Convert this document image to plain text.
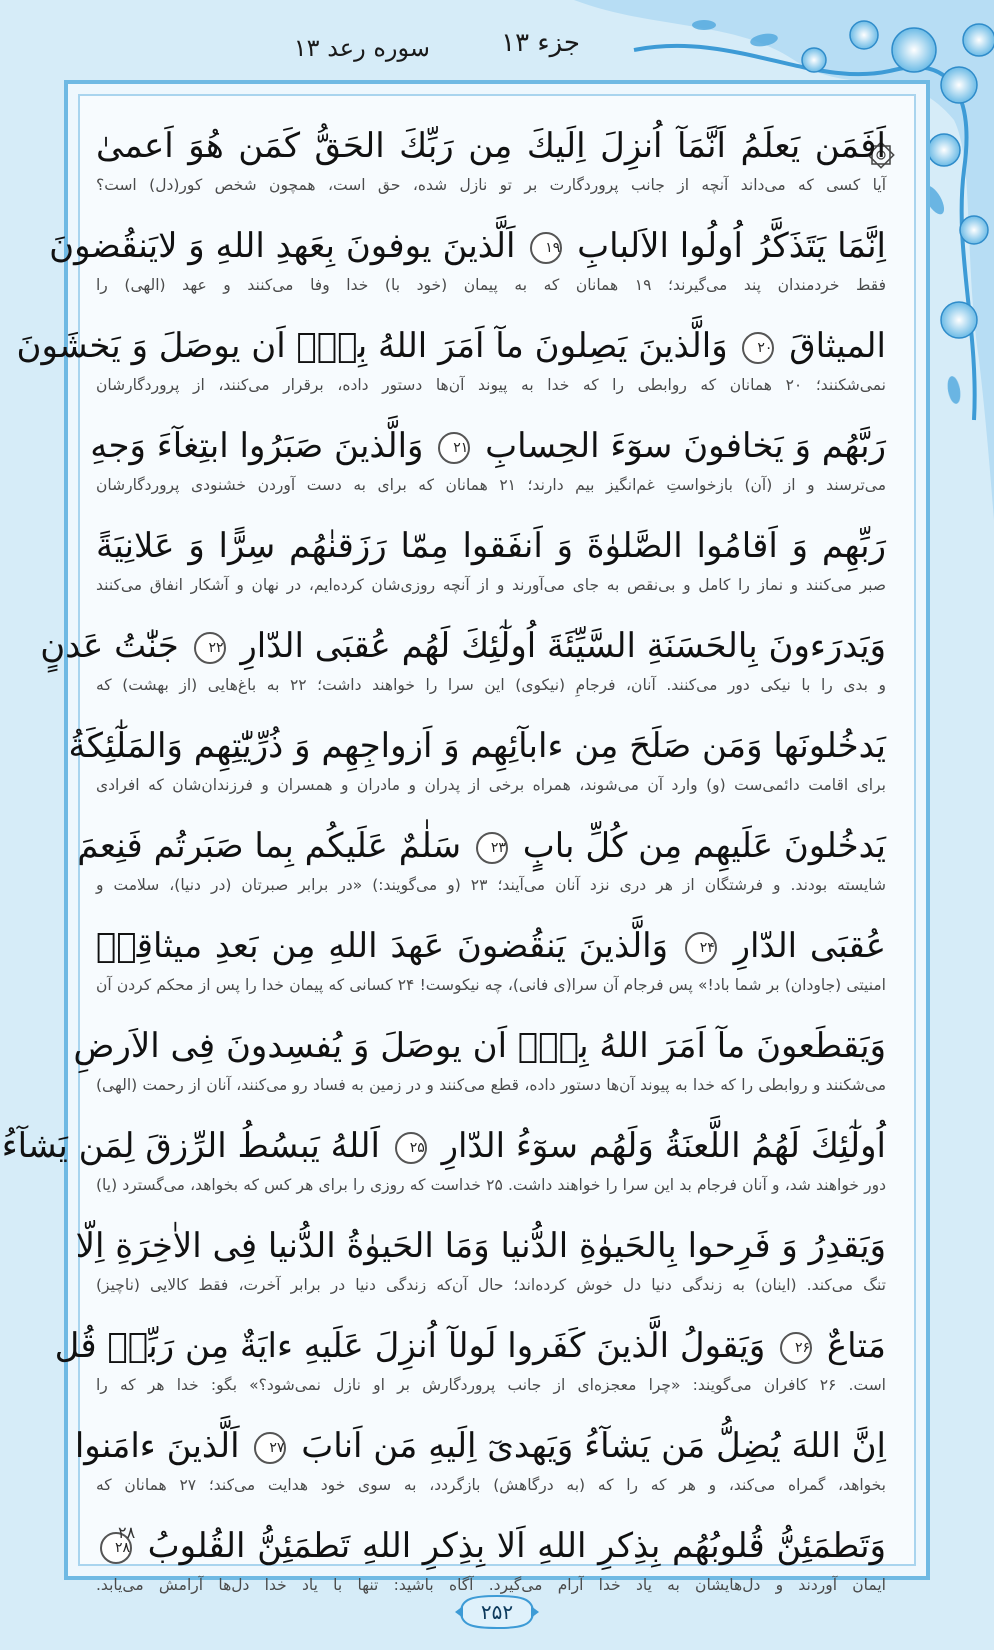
جزء ۱۳
سوره رعد ۱۳
اَفَمَن یَعلَمُ اَنَّمَآ اُنزِلَ اِلَیكَ مِن رَبِّكَ الحَقُّ كَمَن هُوَ اَعمیٰ
آیا کسی که می‌داند آنچه از جانب پروردگارت بر تو نازل شده، حق است، همچون شخص کور(دل) است؟
اِنَّمَا یَتَذَكَّرُ اُولُوا الاَلبابِ ۱۹ اَلَّذینَ یوفونَ بِعَهدِ اللهِ وَ لایَنقُضونَ
فقط خردمندان پند می‌گیرند؛ ۱۹ همانان که به پیمان (خود با) خدا وفا می‌کنند و عهد (الهی) را
المیثاقَ ۲۰ وَالَّذینَ یَصِلونَ مآ اَمَرَ اللهُ بِهٖٓ اَن یوصَلَ وَ یَخشَونَ
نمی‌شکنند؛ ۲۰ همانان که روابطی را که خدا به پیوند آن‌ها دستور داده، برقرار می‌کنند، از پروردگارشان
رَبَّهُم وَ یَخافونَ سوٓءَ الحِسابِ ۲۱ وَالَّذینَ صَبَرُوا ابتِغآءَ وَجهِ
می‌ترسند و از (آن) بازخواستِ غم‌انگیز بیم دارند؛ ۲۱ همانان که برای به دست آوردن خشنودی پروردگارشان
رَبِّهِم وَ اَقامُوا الصَّلوٰةَ وَ اَنفَقوا مِمّا رَزَقنٰهُم سِرًّا وَ عَلانِیَةً
صبر می‌کنند و نماز را کامل و بی‌نقص به جای می‌آورند و از آنچه روزی‌شان کرده‌ایم، در نهان و آشکار انفاق می‌کنند
وَیَدرَءونَ بِالحَسَنَةِ السَّیِّئَةَ اُولٰٓئِكَ لَهُم عُقبَی الدّارِ ۲۲ جَنّٰتُ عَدنٍ
و بدی را با نیکی دور می‌کنند. آنان، فرجامِ (نیکوی) این سرا را خواهند داشت؛ ۲۲ به باغ‌هایی (از بهشت) که
یَدخُلونَها وَمَن صَلَحَ مِن ءابآئِهِم وَ اَزواجِهِم وَ ذُرِّیّٰتِهِم وَالمَلٰٓئِكَةُ
برای اقامت دائمی‌ست (و) وارد آن می‌شوند، همراه برخی از پدران و مادران و همسران و فرزندان‌شان که افرادی
یَدخُلونَ عَلَیهِم مِن كُلِّ بابٍ ۲۳ سَلٰمٌ عَلَیكُم بِما صَبَرتُم فَنِعمَ
شایسته بودند. و فرشتگان از هر دری نزد آنان می‌آیند؛ ۲۳ (و می‌گویند:) «در برابر صبرتان (در دنیا)، سلامت و
عُقبَی الدّارِ ۲۴ وَالَّذینَ یَنقُضونَ عَهدَ اللهِ مِن بَعدِ میثاقِهٖ
امنیتی (جاودان) بر شما باد!» پس فرجام آن سرا(ی فانی)، چه نیکوست! ۲۴ کسانی که پیمان خدا را پس از محکم کردن آن
وَیَقطَعونَ مآ اَمَرَ اللهُ بِهٖٓ اَن یوصَلَ وَ یُفسِدونَ فِی الاَرضِ
می‌شکنند و روابطی را که خدا به پیوند آن‌ها دستور داده، قطع می‌کنند و در زمین به فساد رو می‌کنند، آنان از رحمت (الهی)
اُولٰٓئِكَ لَهُمُ اللَّعنَةُ وَلَهُم سوٓءُ الدّارِ ۲۵ اَللهُ یَبسُطُ الرِّزقَ لِمَن یَشآءُ
دور خواهند شد، و آنان فرجام بد این سرا را خواهند داشت. ۲۵ خداست که روزی را برای هر کس که بخواهد، می‌گسترد (یا)
وَیَقدِرُ وَ فَرِحوا بِالحَیوٰةِ الدُّنیا وَمَا الحَیوٰةُ الدُّنیا فِی الاٰخِرَةِ اِلّا
تنگ می‌کند. (اینان) به زندگی دنیا دل خوش کرده‌اند؛ حال آن‌که زندگی دنیا در برابر آخرت، فقط کالایی (ناچیز)
مَتاعٌ ۲۶ وَیَقولُ الَّذینَ كَفَروا لَولآ اُنزِلَ عَلَیهِ ءایَةٌ مِن رَبِّهٖ قُل
است. ۲۶ کافران می‌گویند: «چرا معجزه‌ای از جانب پروردگارش بر او نازل نمی‌شود؟» بگو: خدا هر که را
اِنَّ اللهَ یُضِلُّ مَن یَشآءُ وَیَهدیٓ اِلَیهِ مَن اَنابَ ۲۷ اَلَّذینَ ءامَنوا
بخواهد، گمراه می‌کند، و هر که را که (به درگاهش) بازگردد، به سوی خود هدایت می‌کند؛ ۲۷ همانان که
وَتَطمَئِنُّ قُلوبُهُم بِذِكرِ اللهِ اَلا بِذِكرِ اللهِ تَطمَئِنُّ القُلوبُ ۲۸
ایمان آوردند و دل‌هایشان به یاد خدا آرام می‌گیرد. آگاه باشید: تنها با یاد خدا دل‌ها آرامش می‌یابد.
۲۸
۲۵۲
